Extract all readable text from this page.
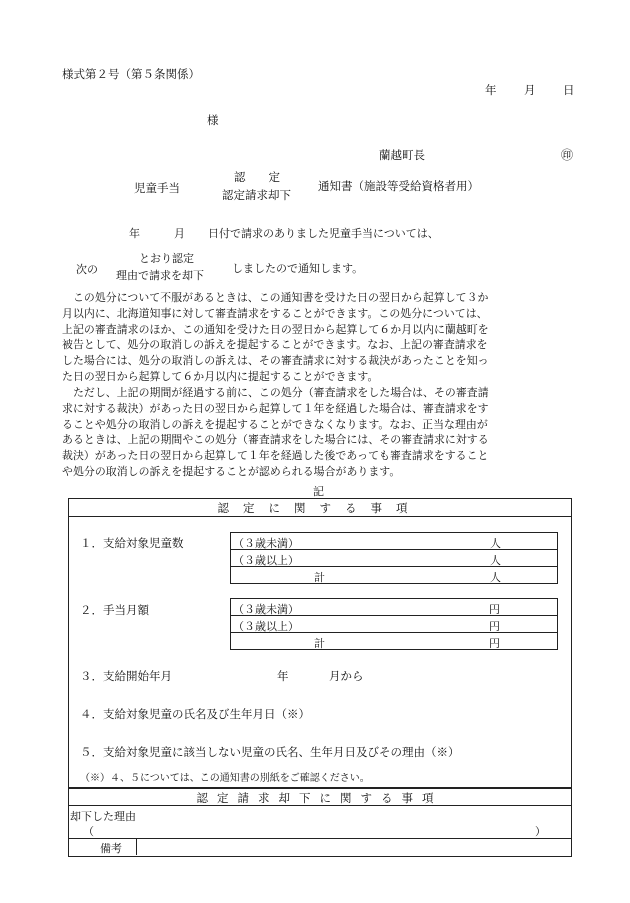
様式第２号（第５条関係）
年 月 日
様
蘭越町長	㊞
児童手当
認　　定
認定請求却下
通知書（施設等受給資格者用）
年	月 日付で請求のありました児童手当については、
次の
とおり認定
理由で請求を却下
しましたので通知します。
　この処分について不服があるときは、この通知書を受けた日の翌日から起算して３か
月以内に、北海道知事に対して審査請求をすることができます。この処分については、
上記の審査請求のほか、この通知を受けた日の翌日から起算して６か月以内に蘭越町を
被告として、処分の取消しの訴えを提起することができます。なお、上記の審査請求を
した場合には、処分の取消しの訴えは、その審査請求に対する裁決があったことを知っ
た日の翌日から起算して６か月以内に提起することができます。
　ただし、上記の期間が経過する前に、この処分（審査請求をした場合は、その審査請
求に対する裁決）があった日の翌日から起算して１年を経過した場合は、審査請求をす
ることや処分の取消しの訴えを提起することができなくなります。なお、正当な理由が
あるときは、上記の期間やこの処分（審査請求をした場合には、その審査請求に対する
裁決）があった日の翌日から起算して１年を経過した後であっても審査請求をすること
や処分の取消しの訴えを提起することが認められる場合があります。
記
認定に関する事項
１．支給対象児童数	（３歳未満）	人
（３歳以上）	人
計	人
２．手当月額	（３歳未満）	円
（３歳以上）	円
計	円
３．支給開始年月	年	月から
４．支給対象児童の氏名及び生年月日（※）
５．支給対象児童に該当しない児童の氏名、生年月日及びその理由（※）
（※）４、５については、この通知書の別紙をご確認ください。
認定請求却下に関する事項
却下した理由
（	）
備考
